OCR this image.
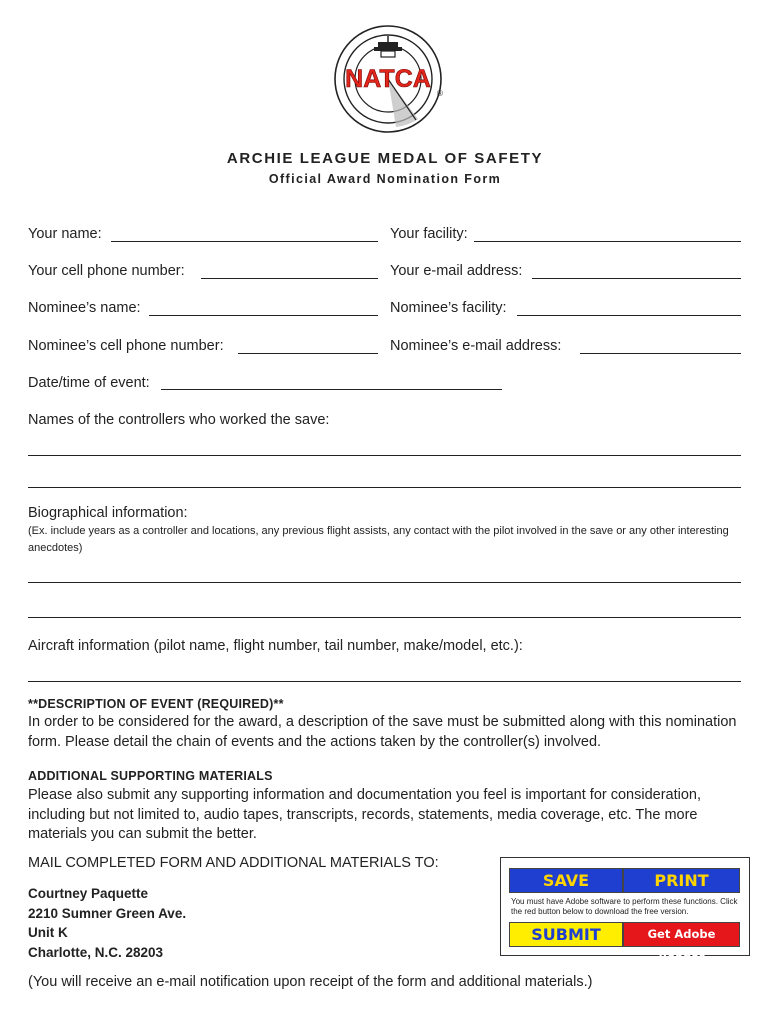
NATCA
®
ARCHIE LEAGUE MEDAL OF SAFETY
Official Award Nomination Form
Your name:	Your facility:
Your cell phone number:	Your e-mail address:
Nominee’s name:	Nominee’s facility:
Nominee’s cell phone number:	Nominee’s e-mail address:
Date/time of event:
Names of the controllers who worked the save:
Biographical information:
(Ex. include years as a controller and locations, any previous flight assists, any contact with the pilot involved in the save or any other interesting anecdotes)
Aircraft information (pilot name, flight number, tail number, make/model, etc.):
**DESCRIPTION OF EVENT (REQUIRED)**
In order to be considered for the award, a description of the save must be submitted along with this nomination form. Please detail the chain of events and the actions taken by the controller(s) involved.
ADDITIONAL SUPPORTING MATERIALS
Please also submit any supporting information and documentation you feel is important for consideration, including but not limited to, audio tapes, transcripts, records, statements, media coverage, etc. The more materials you can submit the better.
MAIL COMPLETED FORM AND ADDITIONAL MATERIALS TO:
Courtney Paquette
2210 Sumner Green Ave.
Unit K
Charlotte, N.C. 28203
SAVE	PRINT
You must have Adobe software to perform these functions. Click the red button below to download the free version.
SUBMIT	Get Adobe Reader
(You will receive an e-mail notification upon receipt of the form and additional materials.)
